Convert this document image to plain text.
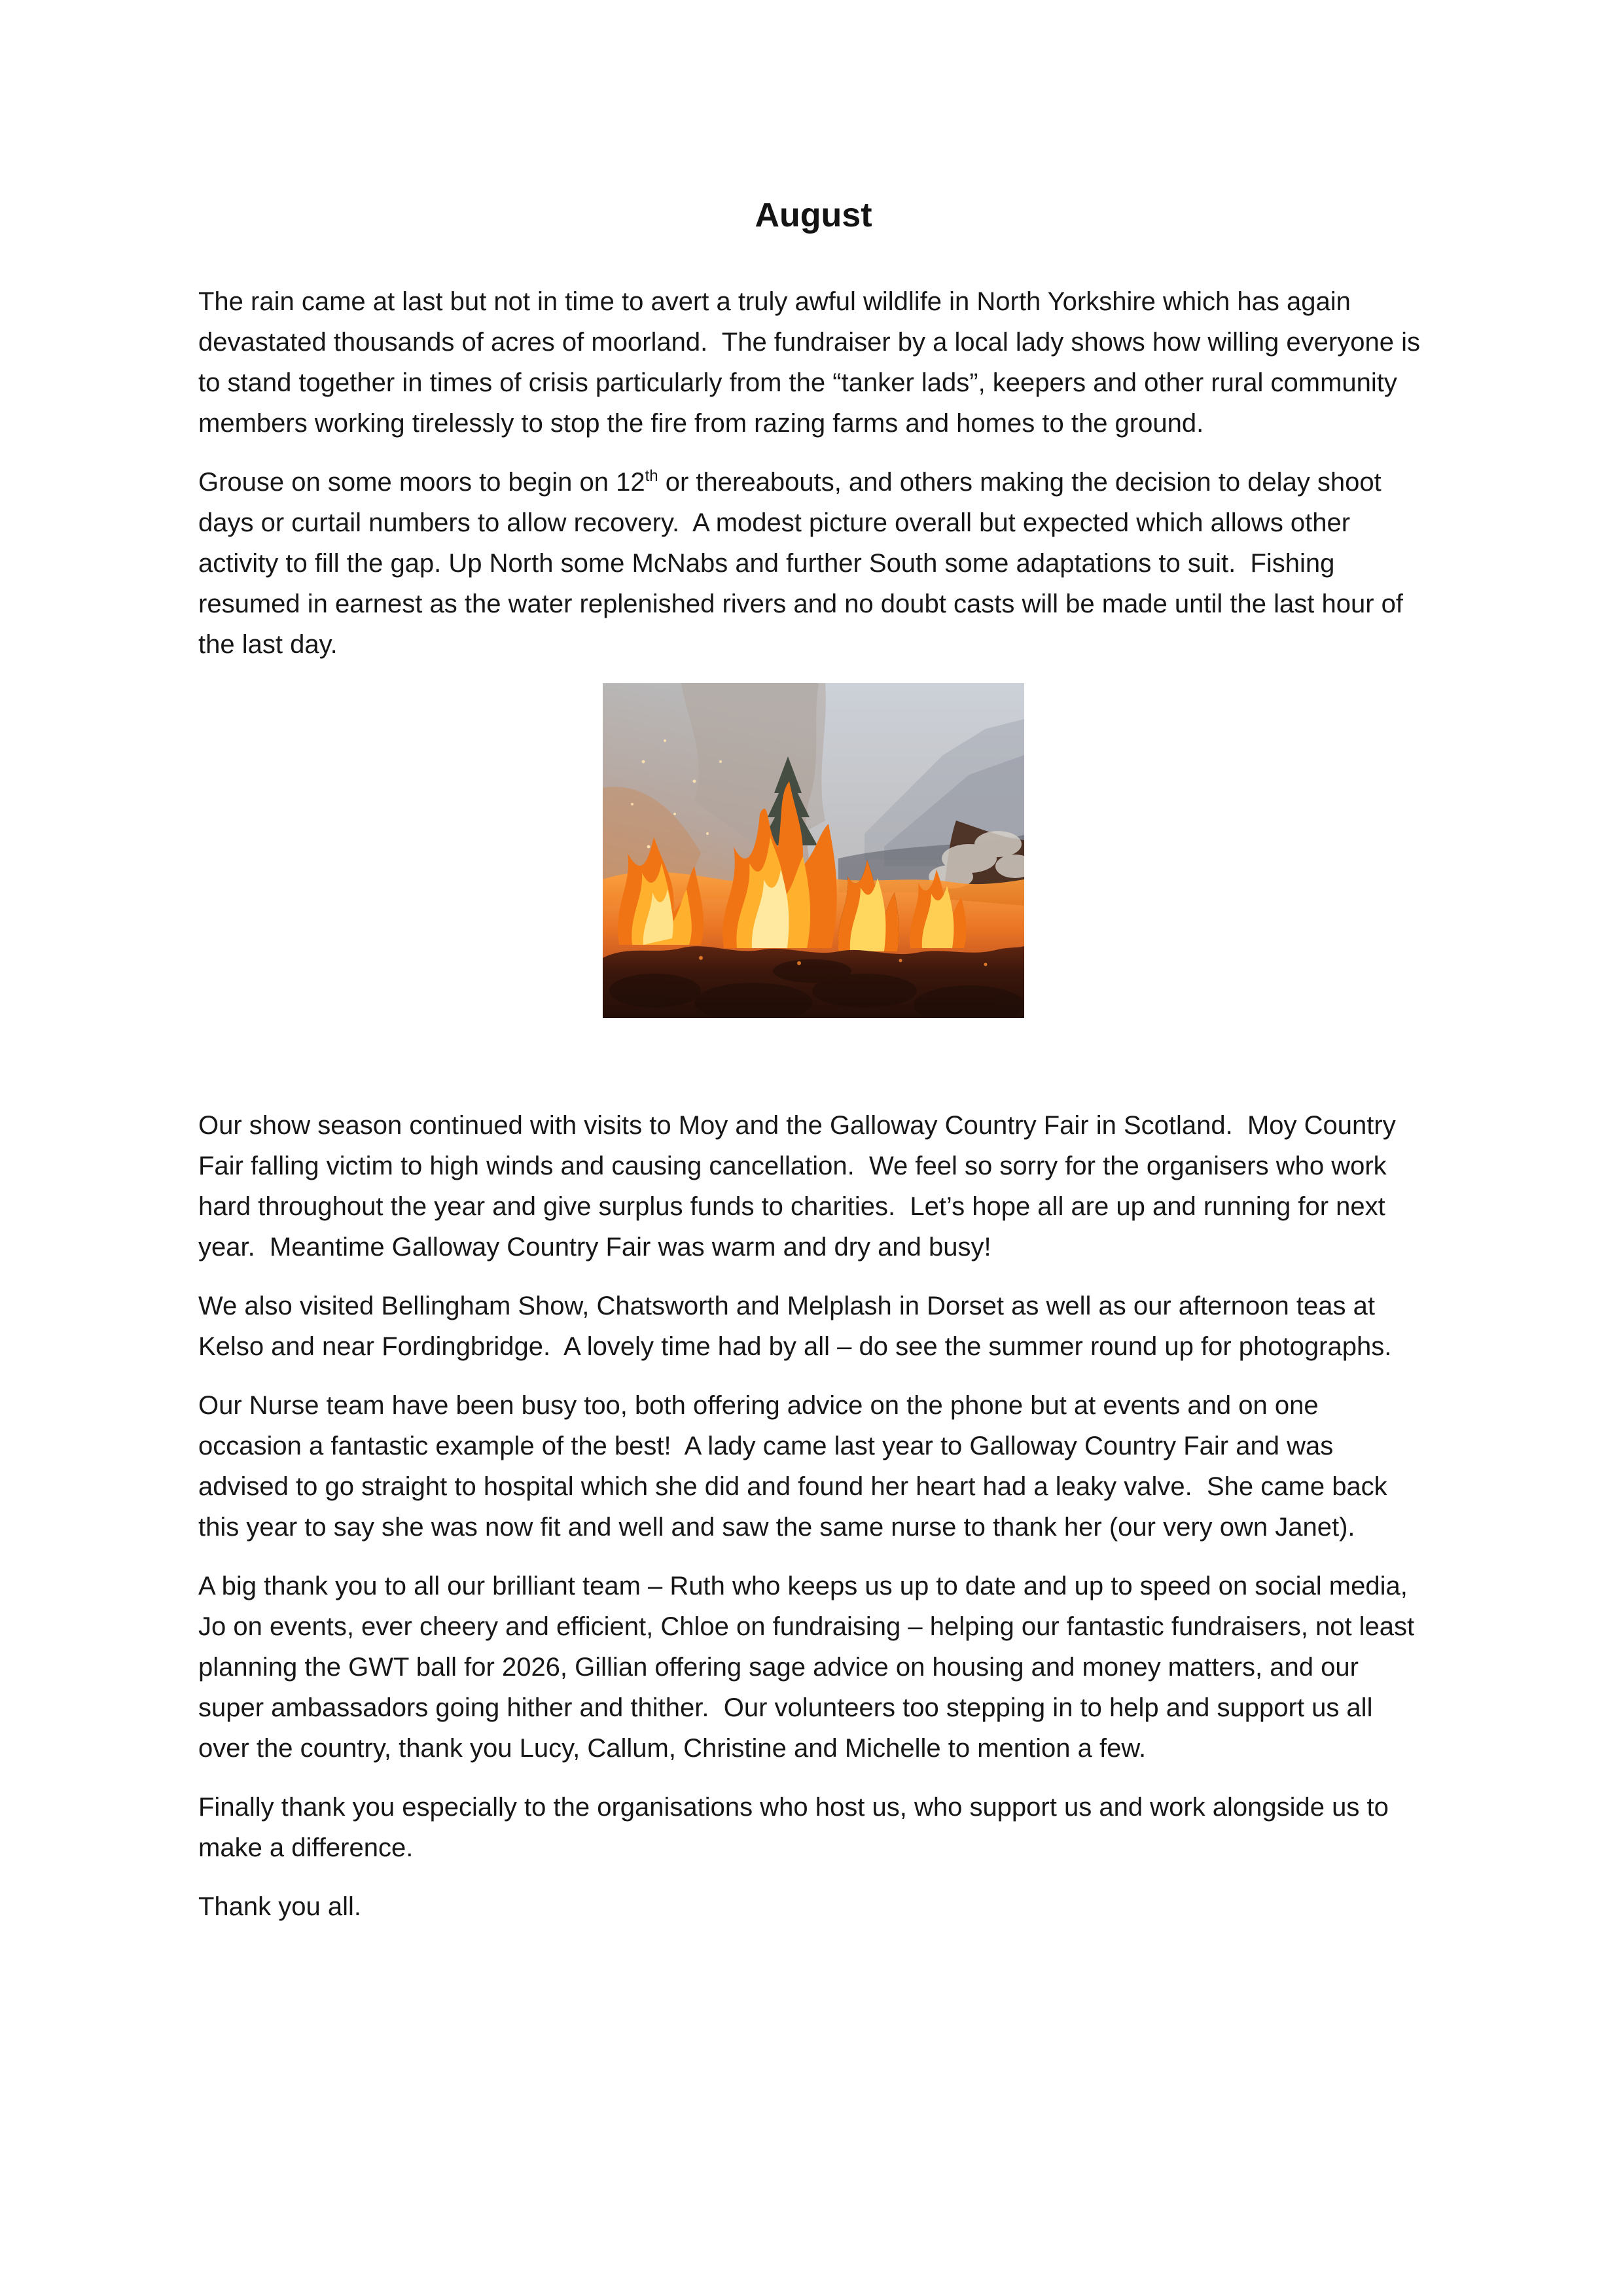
August

The rain came at last but not in time to avert a truly awful wildlife in North Yorkshire which has again devastated thousands of acres of moorland.  The fundraiser by a local lady shows how willing everyone is to stand together in times of crisis particularly from the “tanker lads”, keepers and other rural community members working tirelessly to stop the fire from razing farms and homes to the ground.

Grouse on some moors to begin on 12th or thereabouts, and others making the decision to delay shoot days or curtail numbers to allow recovery.  A modest picture overall but expected which allows other activity to fill the gap. Up North some McNabs and further South some adaptations to suit.  Fishing resumed in earnest as the water replenished rivers and no doubt casts will be made until the last hour of the last day.

Our show season continued with visits to Moy and the Galloway Country Fair in Scotland.  Moy Country Fair falling victim to high winds and causing cancellation.  We feel so sorry for the organisers who work hard throughout the year and give surplus funds to charities.  Let’s hope all are up and running for next year.  Meantime Galloway Country Fair was warm and dry and busy!

We also visited Bellingham Show, Chatsworth and Melplash in Dorset as well as our afternoon teas at Kelso and near Fordingbridge.  A lovely time had by all – do see the summer round up for photographs.

Our Nurse team have been busy too, both offering advice on the phone but at events and on one occasion a fantastic example of the best!  A lady came last year to Galloway Country Fair and was advised to go straight to hospital which she did and found her heart had a leaky valve.  She came back this year to say she was now fit and well and saw the same nurse to thank her (our very own Janet).

A big thank you to all our brilliant team – Ruth who keeps us up to date and up to speed on social media, Jo on events, ever cheery and efficient, Chloe on fundraising – helping our fantastic fundraisers, not least planning the GWT ball for 2026, Gillian offering sage advice on housing and money matters, and our super ambassadors going hither and thither.  Our volunteers too stepping in to help and support us all over the country, thank you Lucy, Callum, Christine and Michelle to mention a few.

Finally thank you especially to the organisations who host us, who support us and work alongside us to make a difference.

Thank you all.
